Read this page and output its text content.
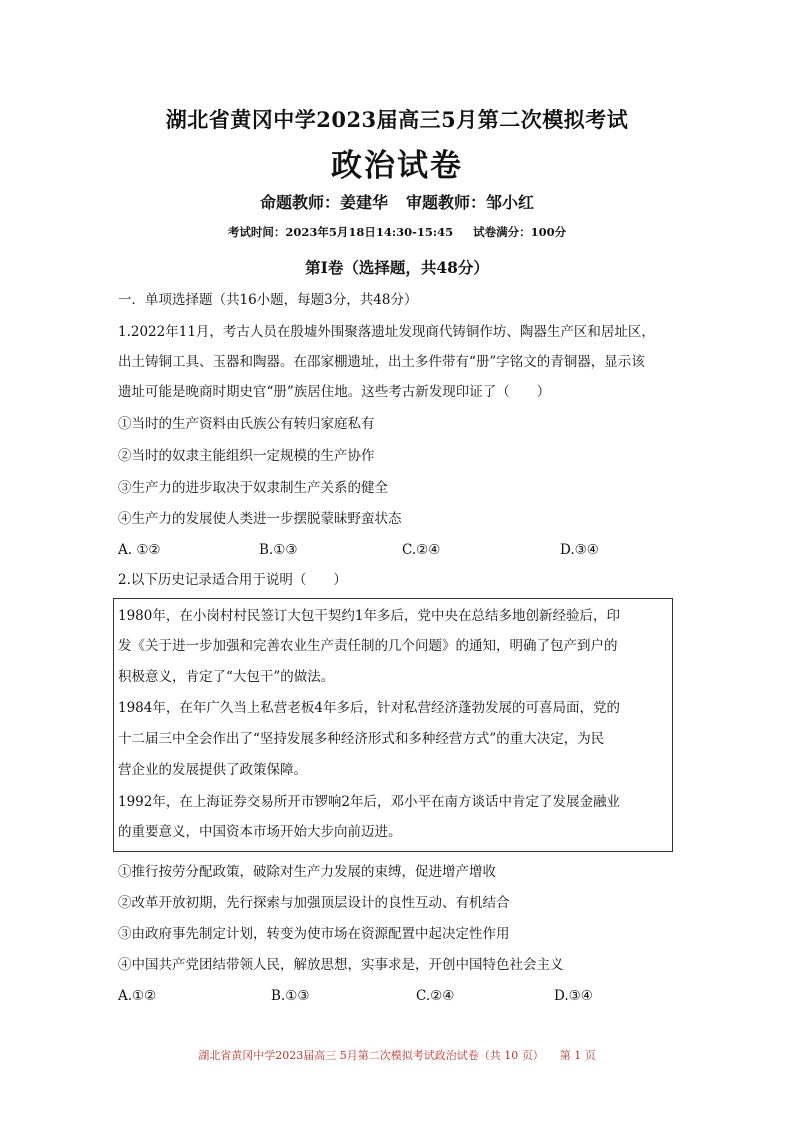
湖北省黄冈中学2023届高三5月第二次模拟考试
政治试卷
命题教师：姜建华 审题教师：邹小红
考试时间：2023年5月18日14:30-15:45 试卷满分：100分
第Ⅰ卷（选择题，共48分）
一．单项选择题（共16小题，每题3分，共48分）
1.2022年11月，考古人员在殷墟外围聚落遗址发现商代铸铜作坊、陶器生产区和居址区，
出土铸铜工具、玉器和陶器。在邵家棚遗址，出土多件带有“册”字铭文的青铜器，显示该
遗址可能是晚商时期史官“册”族居住地。这些考古新发现印证了（　　）
①当时的生产资料由氏族公有转归家庭私有
②当时的奴隶主能组织一定规模的生产协作
③生产力的进步取决于奴隶制生产关系的健全
④生产力的发展使人类进一步摆脱蒙昧野蛮状态
A. ①②	B.①③	C.②④	D.③④
2.以下历史记录适合用于说明（　　）
1980年，在小岗村村民签订大包干契约1年多后，党中央在总结多地创新经验后，印
发《关于进一步加强和完善农业生产责任制的几个问题》的通知，明确了包产到户的
积极意义，肯定了“大包干”的做法。
1984年，在年广久当上私营老板4年多后，针对私营经济蓬勃发展的可喜局面，党的
十二届三中全会作出了“坚持发展多种经济形式和多种经营方式”的重大决定，为民
营企业的发展提供了政策保障。
1992年，在上海证券交易所开市锣响2年后，邓小平在南方谈话中肯定了发展金融业
的重要意义，中国资本市场开始大步向前迈进。
①推行按劳分配政策，破除对生产力发展的束缚，促进增产增收
②改革开放初期，先行探索与加强顶层设计的良性互动、有机结合
③由政府事先制定计划，转变为使市场在资源配置中起决定性作用
④中国共产党团结带领人民，解放思想，实事求是，开创中国特色社会主义
A.①②	B.①③	C.②④	D.③④
湖北省黄冈中学2023届高三 5月第二次模拟考试政治试卷（共 10 页） 第 1 页
